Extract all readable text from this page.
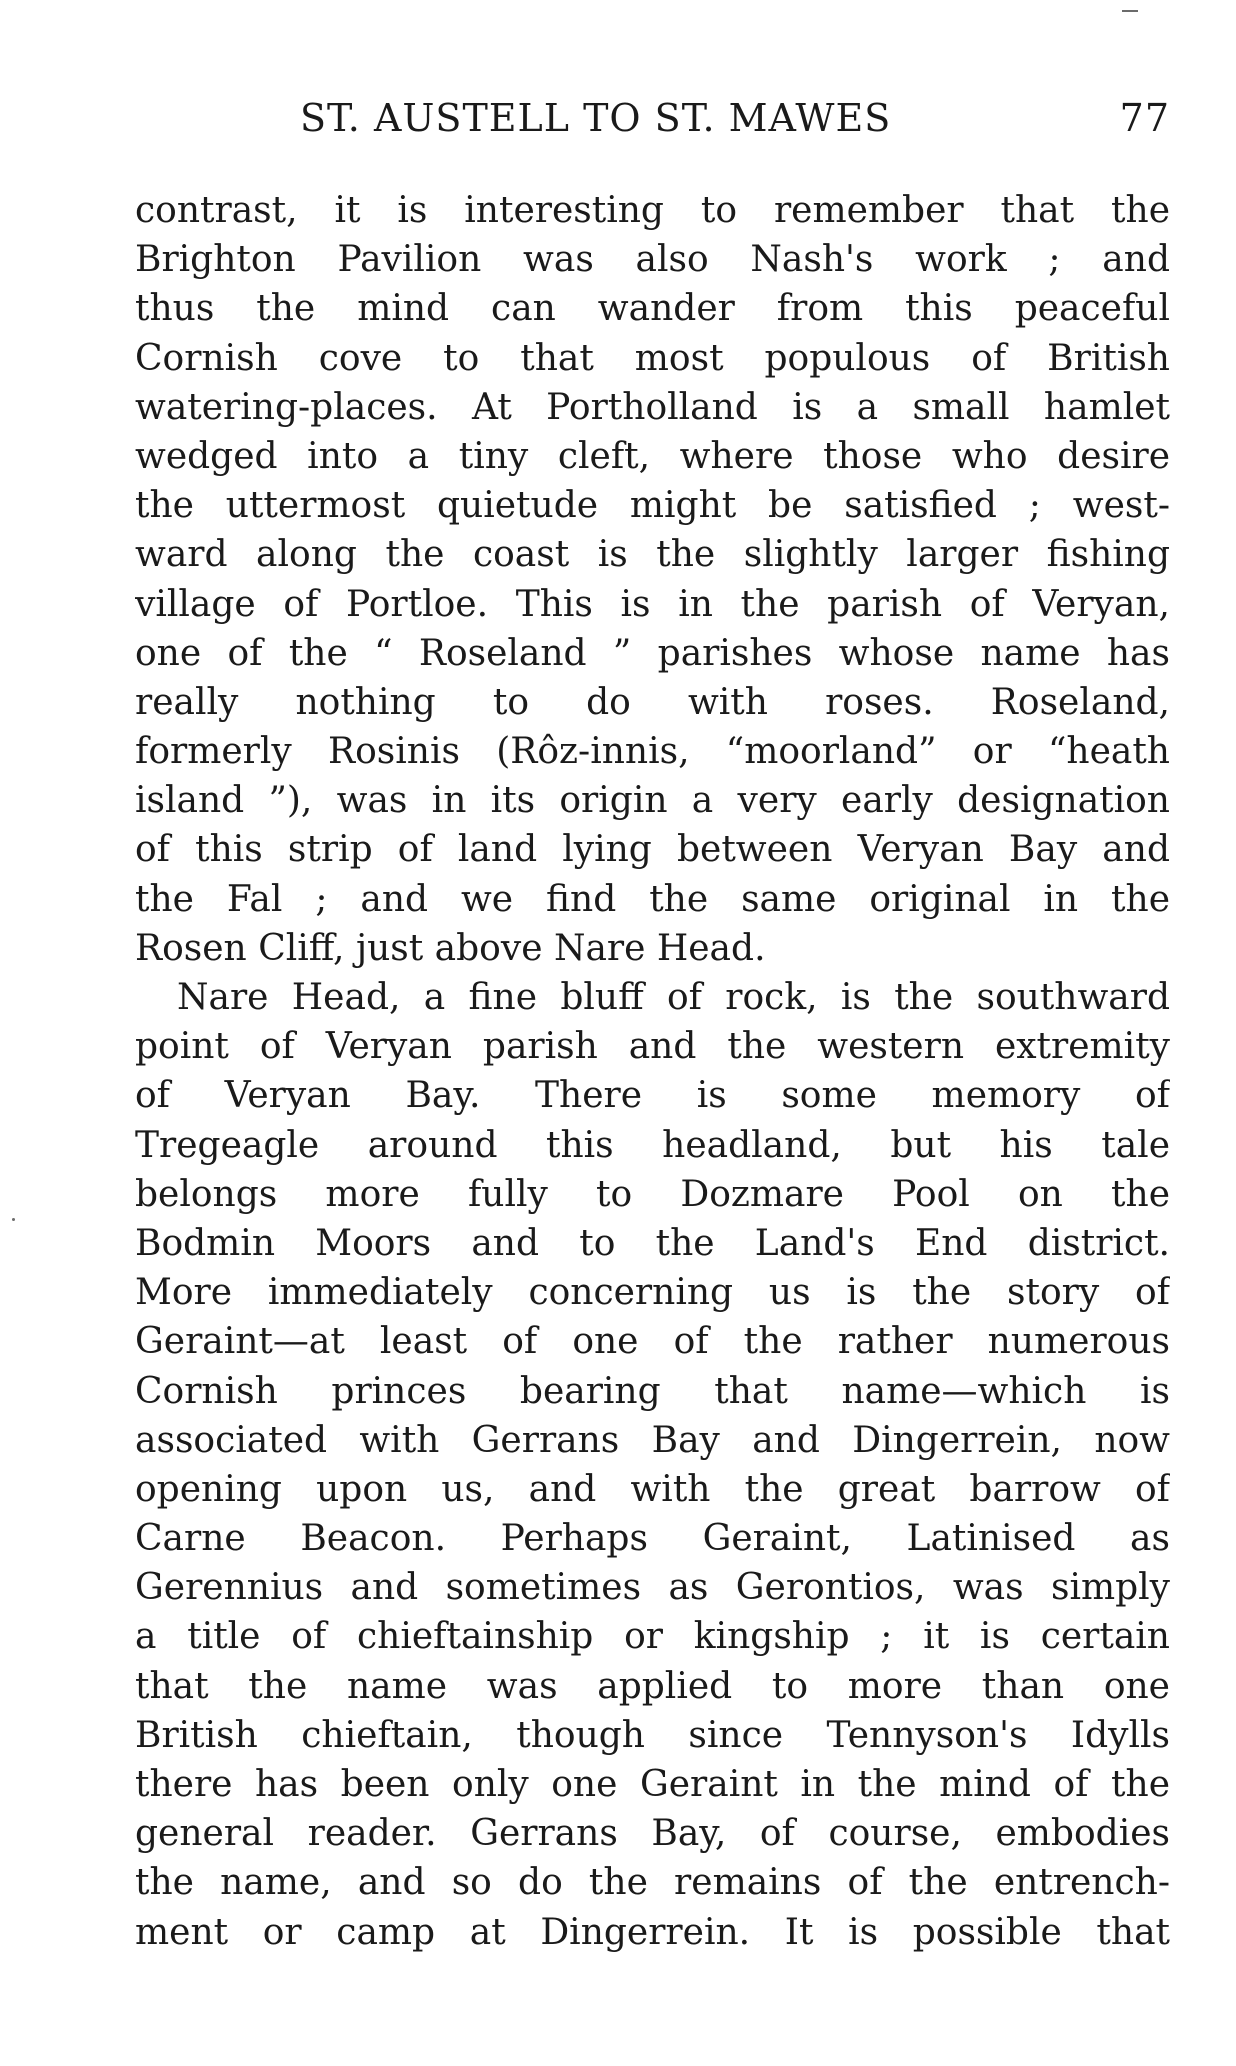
ST. AUSTELL TO ST. MAWES	77
contrast, it is interesting to remember that the
Brighton Pavilion was also Nash's work ; and
thus the mind can wander from this peaceful
Cornish cove to that most populous of British
watering-places. At Portholland is a small hamlet
wedged into a tiny cleft, where those who desire
the uttermost quietude might be satisfied ; west-
ward along the coast is the slightly larger fishing
village of Portloe. This is in the parish of Veryan,
one of the “ Roseland ” parishes whose name has
really nothing to do with roses. Roseland,
formerly Rosinis (Rôz-innis, “moorland” or “heath
island ”), was in its origin a very early designation
of this strip of land lying between Veryan Bay and
the Fal ; and we find the same original in the
Rosen Cliff, just above Nare Head.
Nare Head, a fine bluff of rock, is the southward
point of Veryan parish and the western extremity
of Veryan Bay. There is some memory of
Tregeagle around this headland, but his tale
belongs more fully to Dozmare Pool on the
Bodmin Moors and to the Land's End district.
More immediately concerning us is the story of
Geraint—at least of one of the rather numerous
Cornish princes bearing that name—which is
associated with Gerrans Bay and Dingerrein, now
opening upon us, and with the great barrow of
Carne Beacon. Perhaps Geraint, Latinised as
Gerennius and sometimes as Gerontios, was simply
a title of chieftainship or kingship ; it is certain
that the name was applied to more than one
British chieftain, though since Tennyson's Idylls
there has been only one Geraint in the mind of the
general reader. Gerrans Bay, of course, embodies
the name, and so do the remains of the entrench-
ment or camp at Dingerrein. It is possible that
